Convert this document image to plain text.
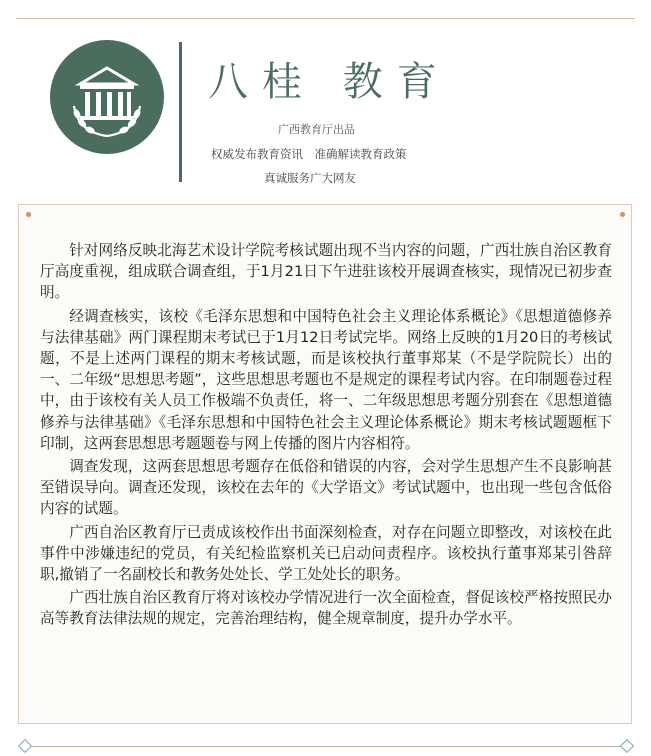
八桂 教育
广西教育厅出品
权威发布教育资讯　准确解读教育政策
真诚服务广大网友

针对网络反映北海艺术设计学院考核试题出现不当内容的问题，广西壮族自治区教育厅高度重视，组成联合调查组，于1月21日下午进驻该校开展调查核实，现情况已初步查明。

经调查核实，该校《毛泽东思想和中国特色社会主义理论体系概论》《思想道德修养与法律基础》两门课程期末考试已于1月12日考试完毕。网络上反映的1月20日的考核试题，不是上述两门课程的期末考核试题，而是该校执行董事郑某（不是学院院长）出的一、二年级“思想思考题”，这些思想思考题也不是规定的课程考试内容。在印制题卷过程中，由于该校有关人员工作极端不负责任，将一、二年级思想思考题分别套在《思想道德修养与法律基础》《毛泽东思想和中国特色社会主义理论体系概论》期末考核试题题框下印制，这两套思想思考题题卷与网上传播的图片内容相符。

调查发现，这两套思想思考题存在低俗和错误的内容，会对学生思想产生不良影响甚至错误导向。调查还发现，该校在去年的《大学语文》考试试题中，也出现一些包含低俗内容的试题。

广西自治区教育厅已责成该校作出书面深刻检查，对存在问题立即整改，对该校在此事件中涉嫌违纪的党员，有关纪检监察机关已启动问责程序。该校执行董事郑某引咎辞职,撤销了一名副校长和教务处处长、学工处处长的职务。

广西壮族自治区教育厅将对该校办学情况进行一次全面检查，督促该校严格按照民办高等教育法律法规的规定，完善治理结构，健全规章制度，提升办学水平。
